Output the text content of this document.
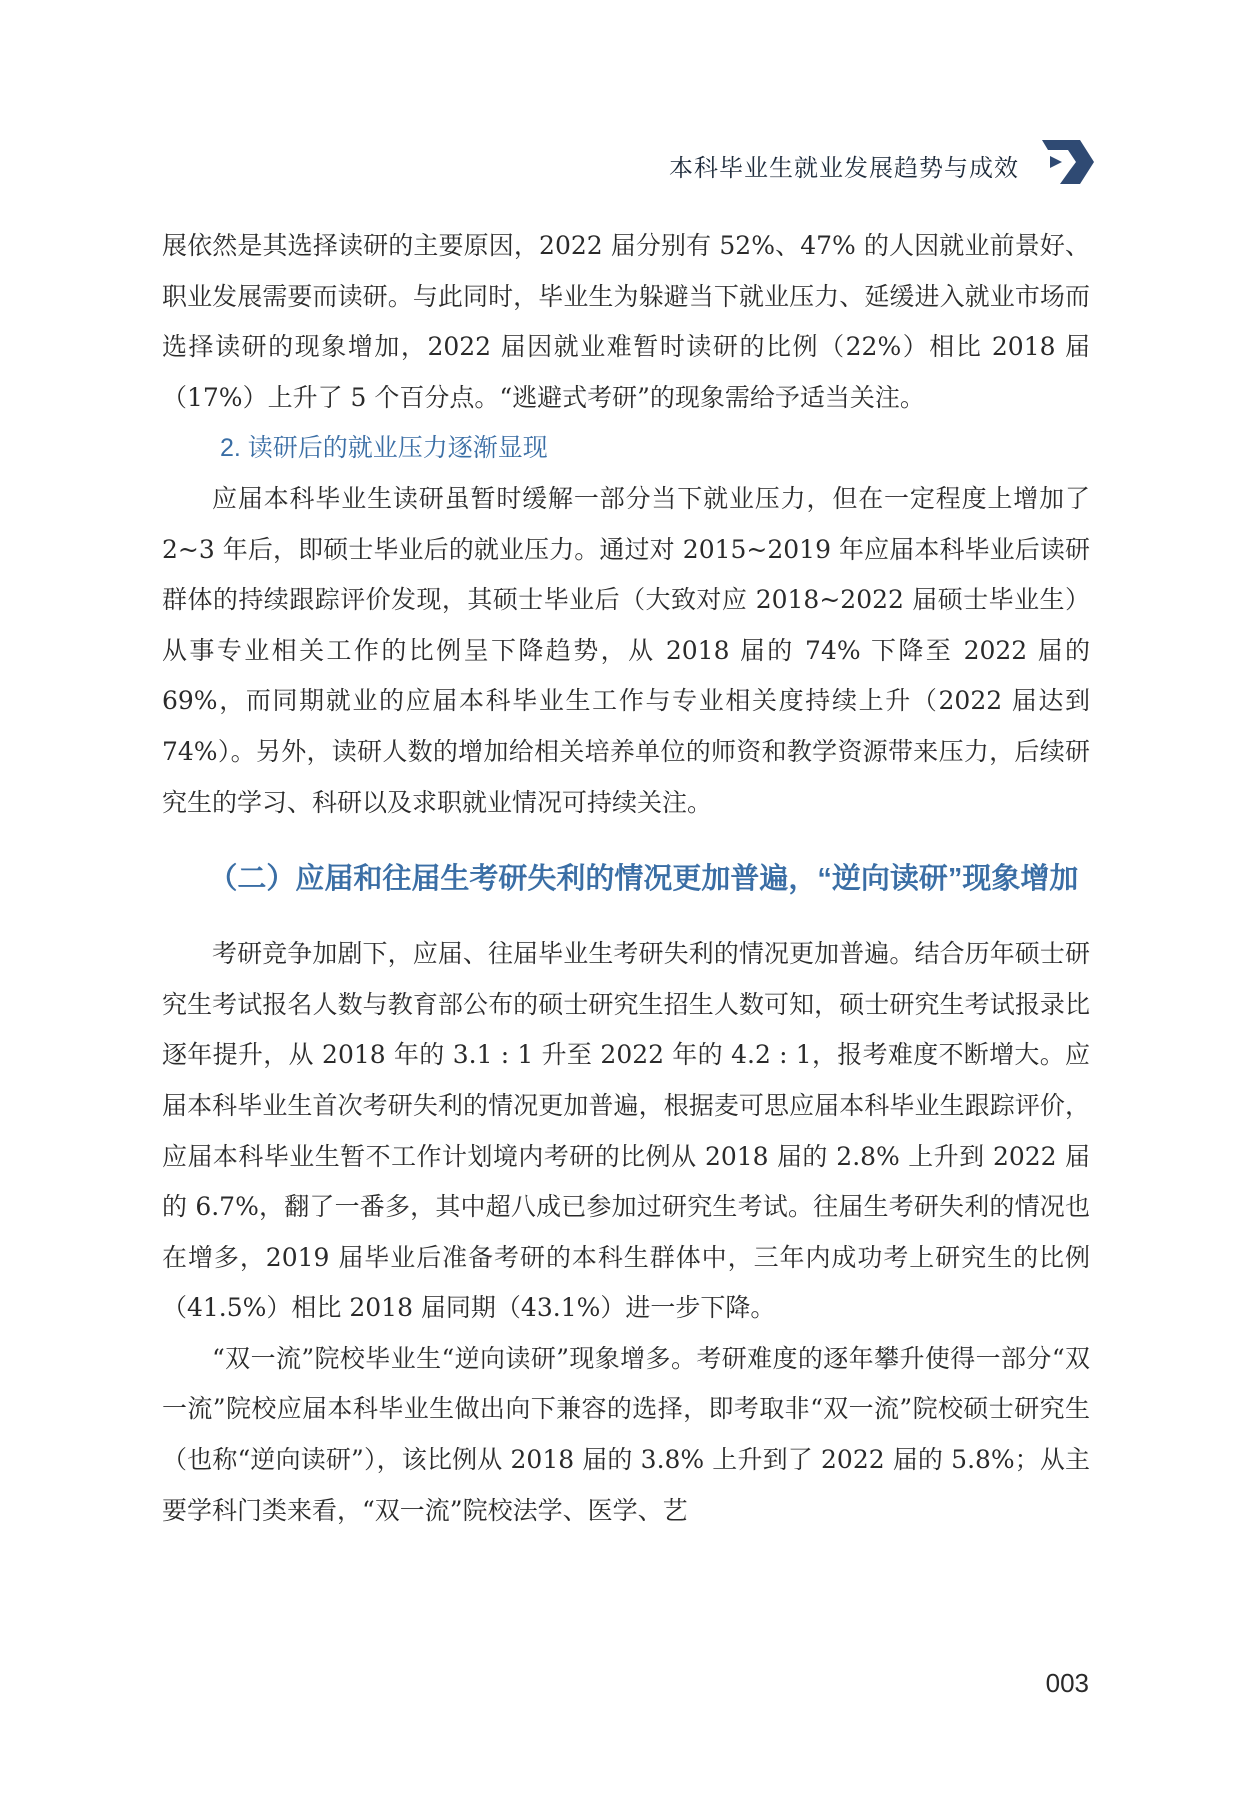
本科毕业生就业发展趋势与成效

展依然是其选择读研的主要原因，2022 届分别有 52%、47% 的人因就业前景好、职业发展需要而读研。与此同时，毕业生为躲避当下就业压力、延缓进入就业市场而选择读研的现象增加，2022 届因就业难暂时读研的比例（22%）相比 2018 届（17%）上升了 5 个百分点。“逃避式考研”的现象需给予适当关注。

2. 读研后的就业压力逐渐显现

应届本科毕业生读研虽暂时缓解一部分当下就业压力，但在一定程度上增加了 2~3 年后，即硕士毕业后的就业压力。通过对 2015~2019 年应届本科毕业后读研群体的持续跟踪评价发现，其硕士毕业后（大致对应 2018~2022 届硕士毕业生）从事专业相关工作的比例呈下降趋势，从 2018 届的 74% 下降至 2022 届的 69%，而同期就业的应届本科毕业生工作与专业相关度持续上升（2022 届达到 74%）。另外，读研人数的增加给相关培养单位的师资和教学资源带来压力，后续研究生的学习、科研以及求职就业情况可持续关注。

（二）应届和往届生考研失利的情况更加普遍，“逆向读研”现象增加

考研竞争加剧下，应届、往届毕业生考研失利的情况更加普遍。结合历年硕士研究生考试报名人数与教育部公布的硕士研究生招生人数可知，硕士研究生考试报录比逐年提升，从 2018 年的 3.1 : 1 升至 2022 年的 4.2 : 1，报考难度不断增大。应届本科毕业生首次考研失利的情况更加普遍，根据麦可思应届本科毕业生跟踪评价，应届本科毕业生暂不工作计划境内考研的比例从 2018 届的 2.8% 上升到 2022 届的 6.7%，翻了一番多，其中超八成已参加过研究生考试。往届生考研失利的情况也在增多，2019 届毕业后准备考研的本科生群体中，三年内成功考上研究生的比例（41.5%）相比 2018 届同期（43.1%）进一步下降。

“双一流”院校毕业生“逆向读研”现象增多。考研难度的逐年攀升使得一部分“双一流”院校应届本科毕业生做出向下兼容的选择，即考取非“双一流”院校硕士研究生（也称“逆向读研”），该比例从 2018 届的 3.8% 上升到了 2022 届的 5.8%；从主要学科门类来看，“双一流”院校法学、医学、艺

003
